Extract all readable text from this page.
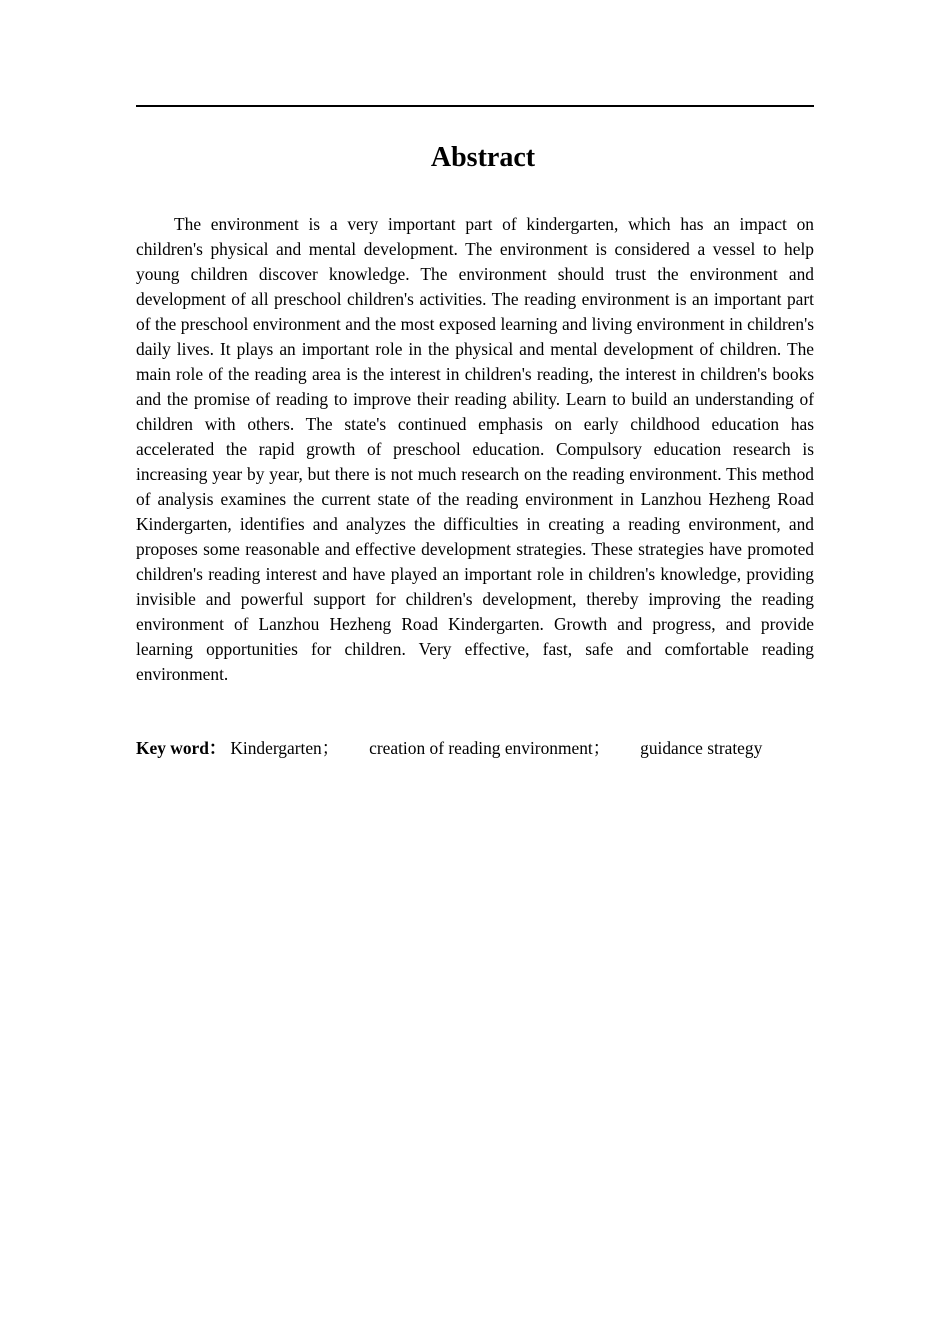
Abstract

The environment is a very important part of kindergarten, which has an impact on children's physical and mental development. The environment is considered a vessel to help young children discover knowledge. The environment should trust the environment and development of all preschool children's activities. The reading environment is an important part of the preschool environment and the most exposed learning and living environment in children's daily lives. It plays an important role in the physical and mental development of children. The main role of the reading area is the interest in children's reading, the interest in children's books and the promise of reading to improve their reading ability. Learn to build an understanding of children with others. The state's continued emphasis on early childhood education has accelerated the rapid growth of preschool education. Compulsory education research is increasing year by year, but there is not much research on the reading environment. This method of analysis examines the current state of the reading environment in Lanzhou Hezheng Road Kindergarten, identifies and analyzes the difficulties in creating a reading environment, and proposes some reasonable and effective development strategies. These strategies have promoted children's reading interest and have played an important role in children's knowledge, providing invisible and powerful support for children's development, thereby improving the reading environment of Lanzhou Hezheng Road Kindergarten. Growth and progress, and provide learning opportunities for children. Very effective, fast, safe and comfortable reading environment.

Key word： Kindergarten； creation of reading environment； guidance strategy
